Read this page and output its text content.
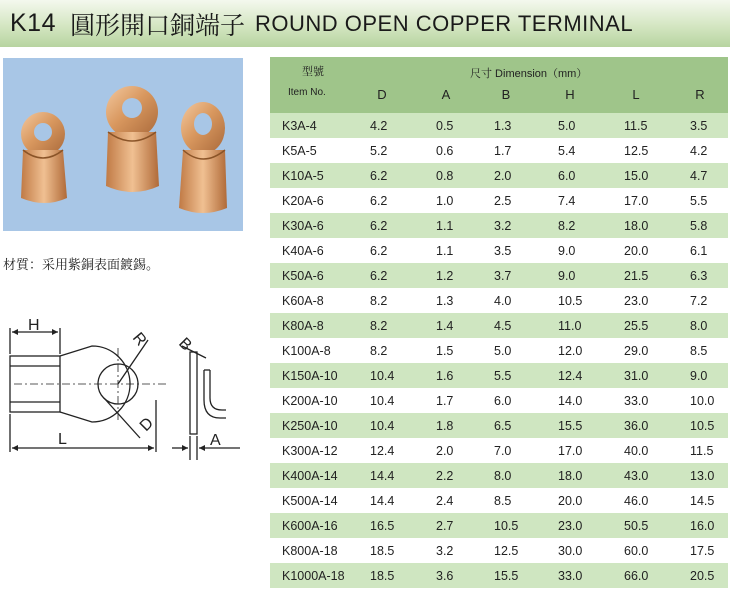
K14 圓形開口銅端子 ROUND OPEN COPPER TERMINAL
材質：采用紫銅表面鍍錫。
H
R B
D
L	A
型號
Item No.
尺寸 Dimension（mm）
D	A	B	H	L	R
K3A-4	4.2	0.5	1.3	5.0	11.5	3.5
K5A-5	5.2	0.6	1.7	5.4	12.5	4.2
K10A-5	6.2	0.8	2.0	6.0	15.0	4.7
K20A-6	6.2	1.0	2.5	7.4	17.0	5.5
K30A-6	6.2	1.1	3.2	8.2	18.0	5.8
K40A-6	6.2	1.1	3.5	9.0	20.0	6.1
K50A-6	6.2	1.2	3.7	9.0	21.5	6.3
K60A-8	8.2	1.3	4.0	10.5	23.0	7.2
K80A-8	8.2	1.4	4.5	11.0	25.5	8.0
K100A-8	8.2	1.5	5.0	12.0	29.0	8.5
K150A-10	10.4	1.6	5.5	12.4	31.0	9.0
K200A-10	10.4	1.7	6.0	14.0	33.0	10.0
K250A-10	10.4	1.8	6.5	15.5	36.0	10.5
K300A-12	12.4	2.0	7.0	17.0	40.0	11.5
K400A-14	14.4	2.2	8.0	18.0	43.0	13.0
K500A-14	14.4	2.4	8.5	20.0	46.0	14.5
K600A-16	16.5	2.7	10.5	23.0	50.5	16.0
K800A-18	18.5	3.2	12.5	30.0	60.0	17.5
K1000A-18 18.5	3.6	15.5	33.0	66.0	20.5
